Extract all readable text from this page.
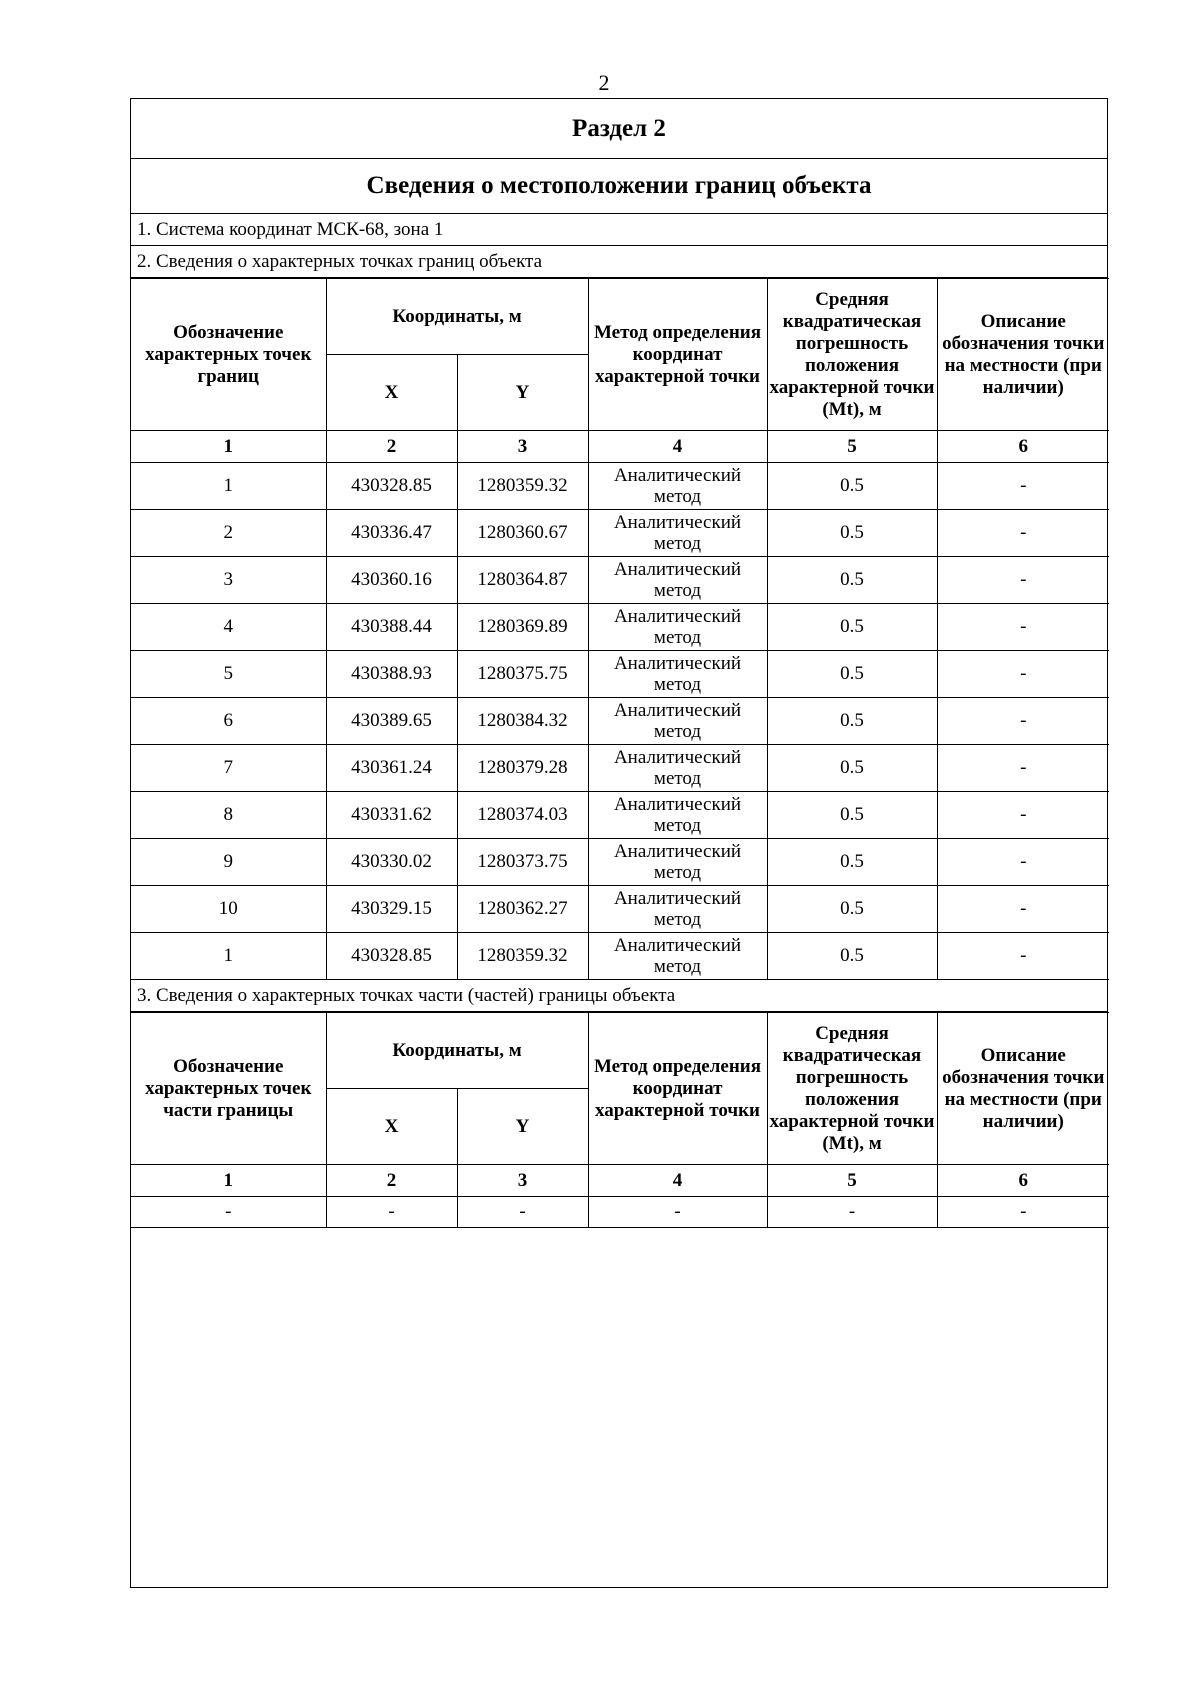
2
Раздел 2
Сведения о местоположении границ объекта
1. Система координат МСК-68, зона 1
2. Сведения о характерных точках границ объекта
Обозначение характерных точек границ	Координаты, м		Метод определения координат характерной точки	Средняя квадратическая погрешность положения характерной точки (Mt), м	Описание обозначения точки на местности (при наличии)
	X	Y			
1	2	3	4	5	6
1	430328.85	1280359.32	Аналитический метод	0.5	-
2	430336.47	1280360.67	Аналитический метод	0.5	-
3	430360.16	1280364.87	Аналитический метод	0.5	-
4	430388.44	1280369.89	Аналитический метод	0.5	-
5	430388.93	1280375.75	Аналитический метод	0.5	-
6	430389.65	1280384.32	Аналитический метод	0.5	-
7	430361.24	1280379.28	Аналитический метод	0.5	-
8	430331.62	1280374.03	Аналитический метод	0.5	-
9	430330.02	1280373.75	Аналитический метод	0.5	-
10	430329.15	1280362.27	Аналитический метод	0.5	-
1	430328.85	1280359.32	Аналитический метод	0.5	-
3. Сведения о характерных точках части (частей) границы объекта
Обозначение характерных точек части границы	Координаты, м		Метод определения координат характерной точки	Средняя квадратическая погрешность положения характерной точки (Mt), м	Описание обозначения точки на местности (при наличии)
	X	Y			
1	2	3	4	5	6
-	-	-	-	-	-
